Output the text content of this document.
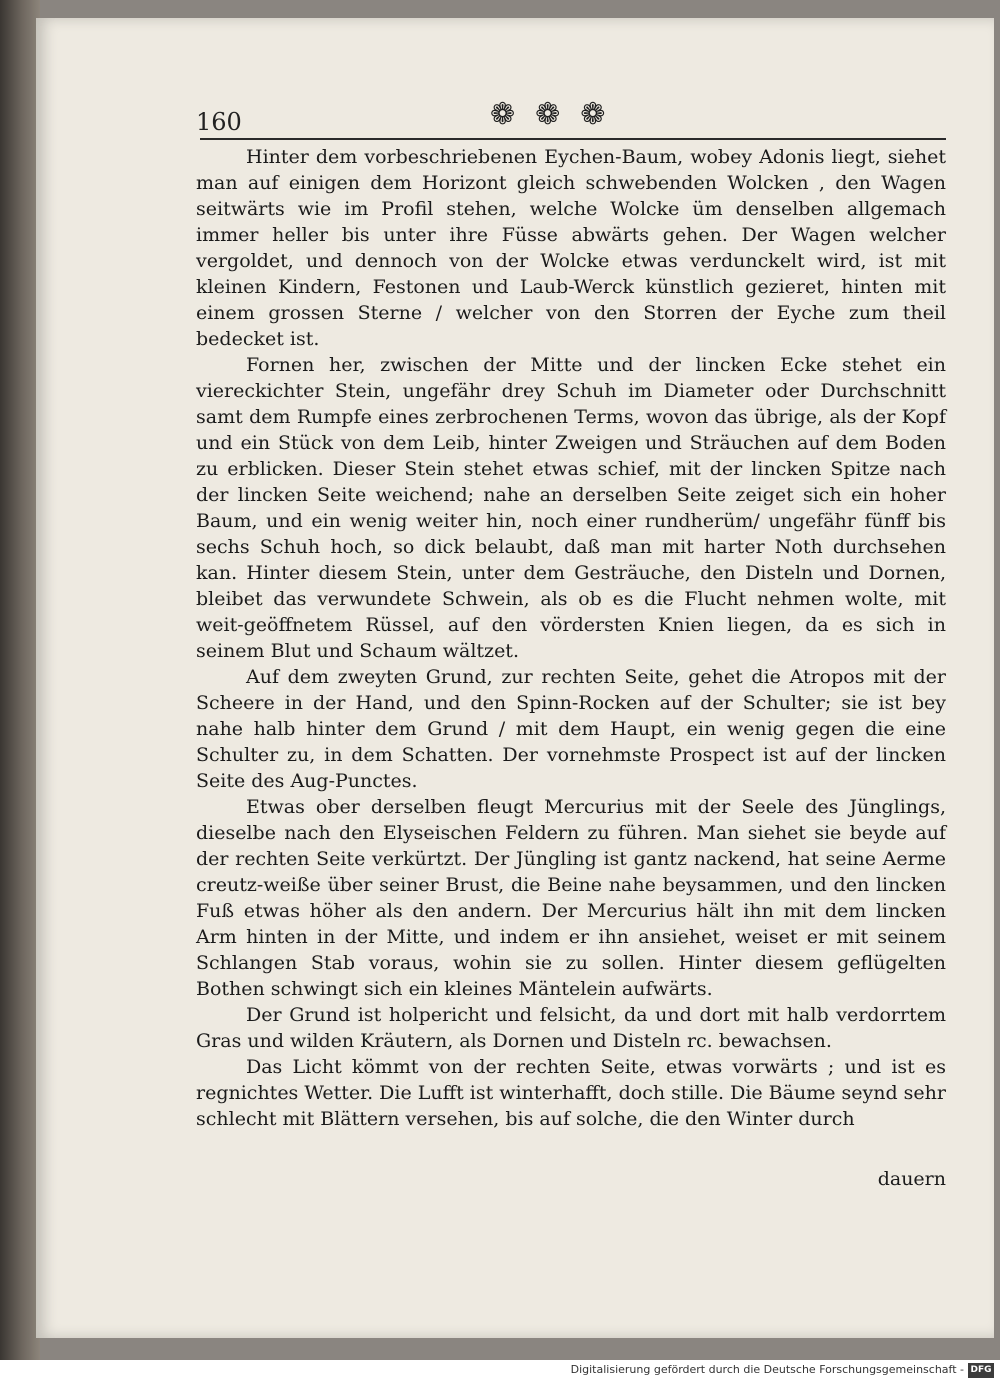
160	❁ ❁ ❁

Hinter dem vorbeschriebenen Eychen-Baum, wobey Adonis liegt, siehet man auf einigen dem Horizont gleich schwebenden Wolcken , den Wagen seitwärts wie im Profil stehen, welche Wolcke üm denselben allgemach immer heller bis unter ihre Füsse abwärts gehen. Der Wagen welcher vergoldet, und dennoch von der Wolcke etwas verdunckelt wird, ist mit kleinen Kindern, Festonen und Laub-Werck künstlich gezieret, hinten mit einem grossen Sterne / welcher von den Storren der Eyche zum theil bedecket ist.

Fornen her, zwischen der Mitte und der lincken Ecke stehet ein viereckichter Stein, ungefähr drey Schuh im Diameter oder Durchschnitt samt dem Rumpfe eines zerbrochenen Terms, wovon das übrige, als der Kopf und ein Stück von dem Leib, hinter Zweigen und Sträuchen auf dem Boden zu erblicken. Dieser Stein stehet etwas schief, mit der lincken Spitze nach der lincken Seite weichend; nahe an derselben Seite zeiget sich ein hoher Baum, und ein wenig weiter hin, noch einer rundherüm/ ungefähr fünff bis sechs Schuh hoch, so dick belaubt, daß man mit harter Noth durchsehen kan. Hinter diesem Stein, unter dem Gesträuche, den Disteln und Dornen, bleibet das verwundete Schwein, als ob es die Flucht nehmen wolte, mit weit-geöffnetem Rüssel, auf den vördersten Knien liegen, da es sich in seinem Blut und Schaum wältzet.

Auf dem zweyten Grund, zur rechten Seite, gehet die Atropos mit der Scheere in der Hand, und den Spinn-Rocken auf der Schulter; sie ist bey nahe halb hinter dem Grund / mit dem Haupt, ein wenig gegen die eine Schulter zu, in dem Schatten. Der vornehmste Prospect ist auf der lincken Seite des Aug-Punctes.

Etwas ober derselben fleugt Mercurius mit der Seele des Jünglings, dieselbe nach den Elyseischen Feldern zu führen. Man siehet sie beyde auf der rechten Seite verkürtzt. Der Jüngling ist gantz nackend, hat seine Aerme creutz-weiße über seiner Brust, die Beine nahe beysammen, und den lincken Fuß etwas höher als den andern. Der Mercurius hält ihn mit dem lincken Arm hinten in der Mitte, und indem er ihn ansiehet, weiset er mit seinem Schlangen Stab voraus, wohin sie zu sollen. Hinter diesem geflügelten Bothen schwingt sich ein kleines Mäntelein aufwärts.

Der Grund ist holpericht und felsicht, da und dort mit halb verdorrtem Gras und wilden Kräutern, als Dornen und Disteln rc. bewachsen.

Das Licht kömmt von der rechten Seite, etwas vorwärts ; und ist es regnichtes Wetter. Die Lufft ist winterhafft, doch stille. Die Bäume seynd sehr schlecht mit Blättern versehen, bis auf solche, die den Winter durch

dauern
Digitalisierung gefördert durch die Deutsche Forschungsgemeinschaft - DFG
